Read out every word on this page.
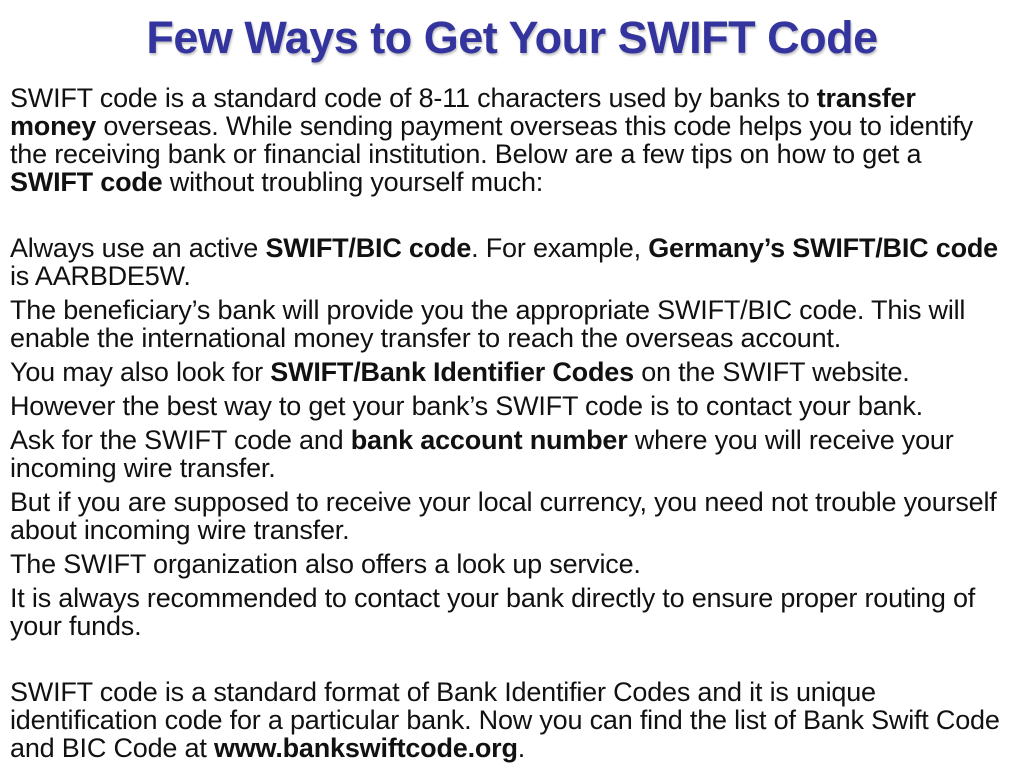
Few Ways to Get Your SWIFT Code

SWIFT code is a standard code of 8-11 characters used by banks to transfer money overseas. While sending payment overseas this code helps you to identify the receiving bank or financial institution. Below are a few tips on how to get a SWIFT code without troubling yourself much:

Always use an active SWIFT/BIC code. For example, Germany’s SWIFT/BIC code is AARBDE5W.

The beneficiary’s bank will provide you the appropriate SWIFT/BIC code. This will enable the international money transfer to reach the overseas account.

You may also look for SWIFT/Bank Identifier Codes on the SWIFT website.

However the best way to get your bank’s SWIFT code is to contact your bank.

Ask for the SWIFT code and bank account number where you will receive your incoming wire transfer.

But if you are supposed to receive your local currency, you need not trouble yourself about incoming wire transfer.

The SWIFT organization also offers a look up service.

It is always recommended to contact your bank directly to ensure proper routing of your funds.

SWIFT code is a standard format of Bank Identifier Codes and it is unique identification code for a particular bank. Now you can find the list of Bank Swift Code and BIC Code at www.bankswiftcode.org.
